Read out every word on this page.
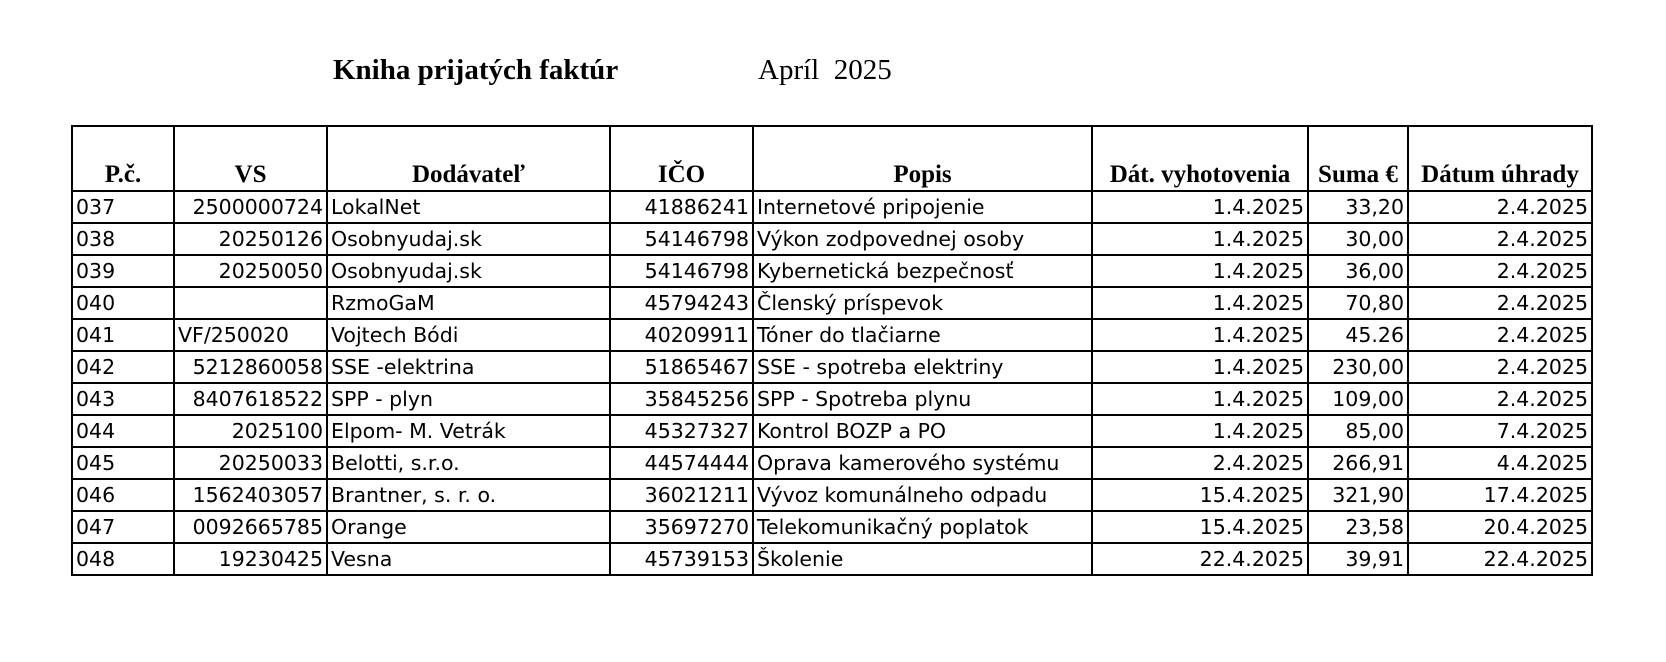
Kniha prijatých faktúr	Apríl  2025
P.č.	VS	Dodávateľ	IČO	Popis	Dát. vyhotovenia	Suma €	Dátum úhrady
037	2500000724	LokalNet	41886241	Internetové pripojenie	1.4.2025	33,20	2.4.2025
038	20250126	Osobnyudaj.sk	54146798	Výkon zodpovednej osoby	1.4.2025	30,00	2.4.2025
039	20250050	Osobnyudaj.sk	54146798	Kybernetická bezpečnosť	1.4.2025	36,00	2.4.2025
040		RzmoGaM	45794243	Členský príspevok	1.4.2025	70,80	2.4.2025
041	VF/250020	Vojtech Bódi	40209911	Tóner do tlačiarne	1.4.2025	45.26	2.4.2025
042	5212860058	SSE -elektrina	51865467	SSE - spotreba elektriny	1.4.2025	230,00	2.4.2025
043	8407618522	SPP - plyn	35845256	SPP - Spotreba plynu	1.4.2025	109,00	2.4.2025
044	2025100	Elpom- M. Vetrák	45327327	Kontrol BOZP a PO	1.4.2025	85,00	7.4.2025
045	20250033	Belotti, s.r.o.	44574444	Oprava kamerového systému	2.4.2025	266,91	4.4.2025
046	1562403057	Brantner, s. r. o.	36021211	Vývoz komunálneho odpadu	15.4.2025	321,90	17.4.2025
047	0092665785	Orange	35697270	Telekomunikačný poplatok	15.4.2025	23,58	20.4.2025
048	19230425	Vesna	45739153	Školenie	22.4.2025	39,91	22.4.2025
